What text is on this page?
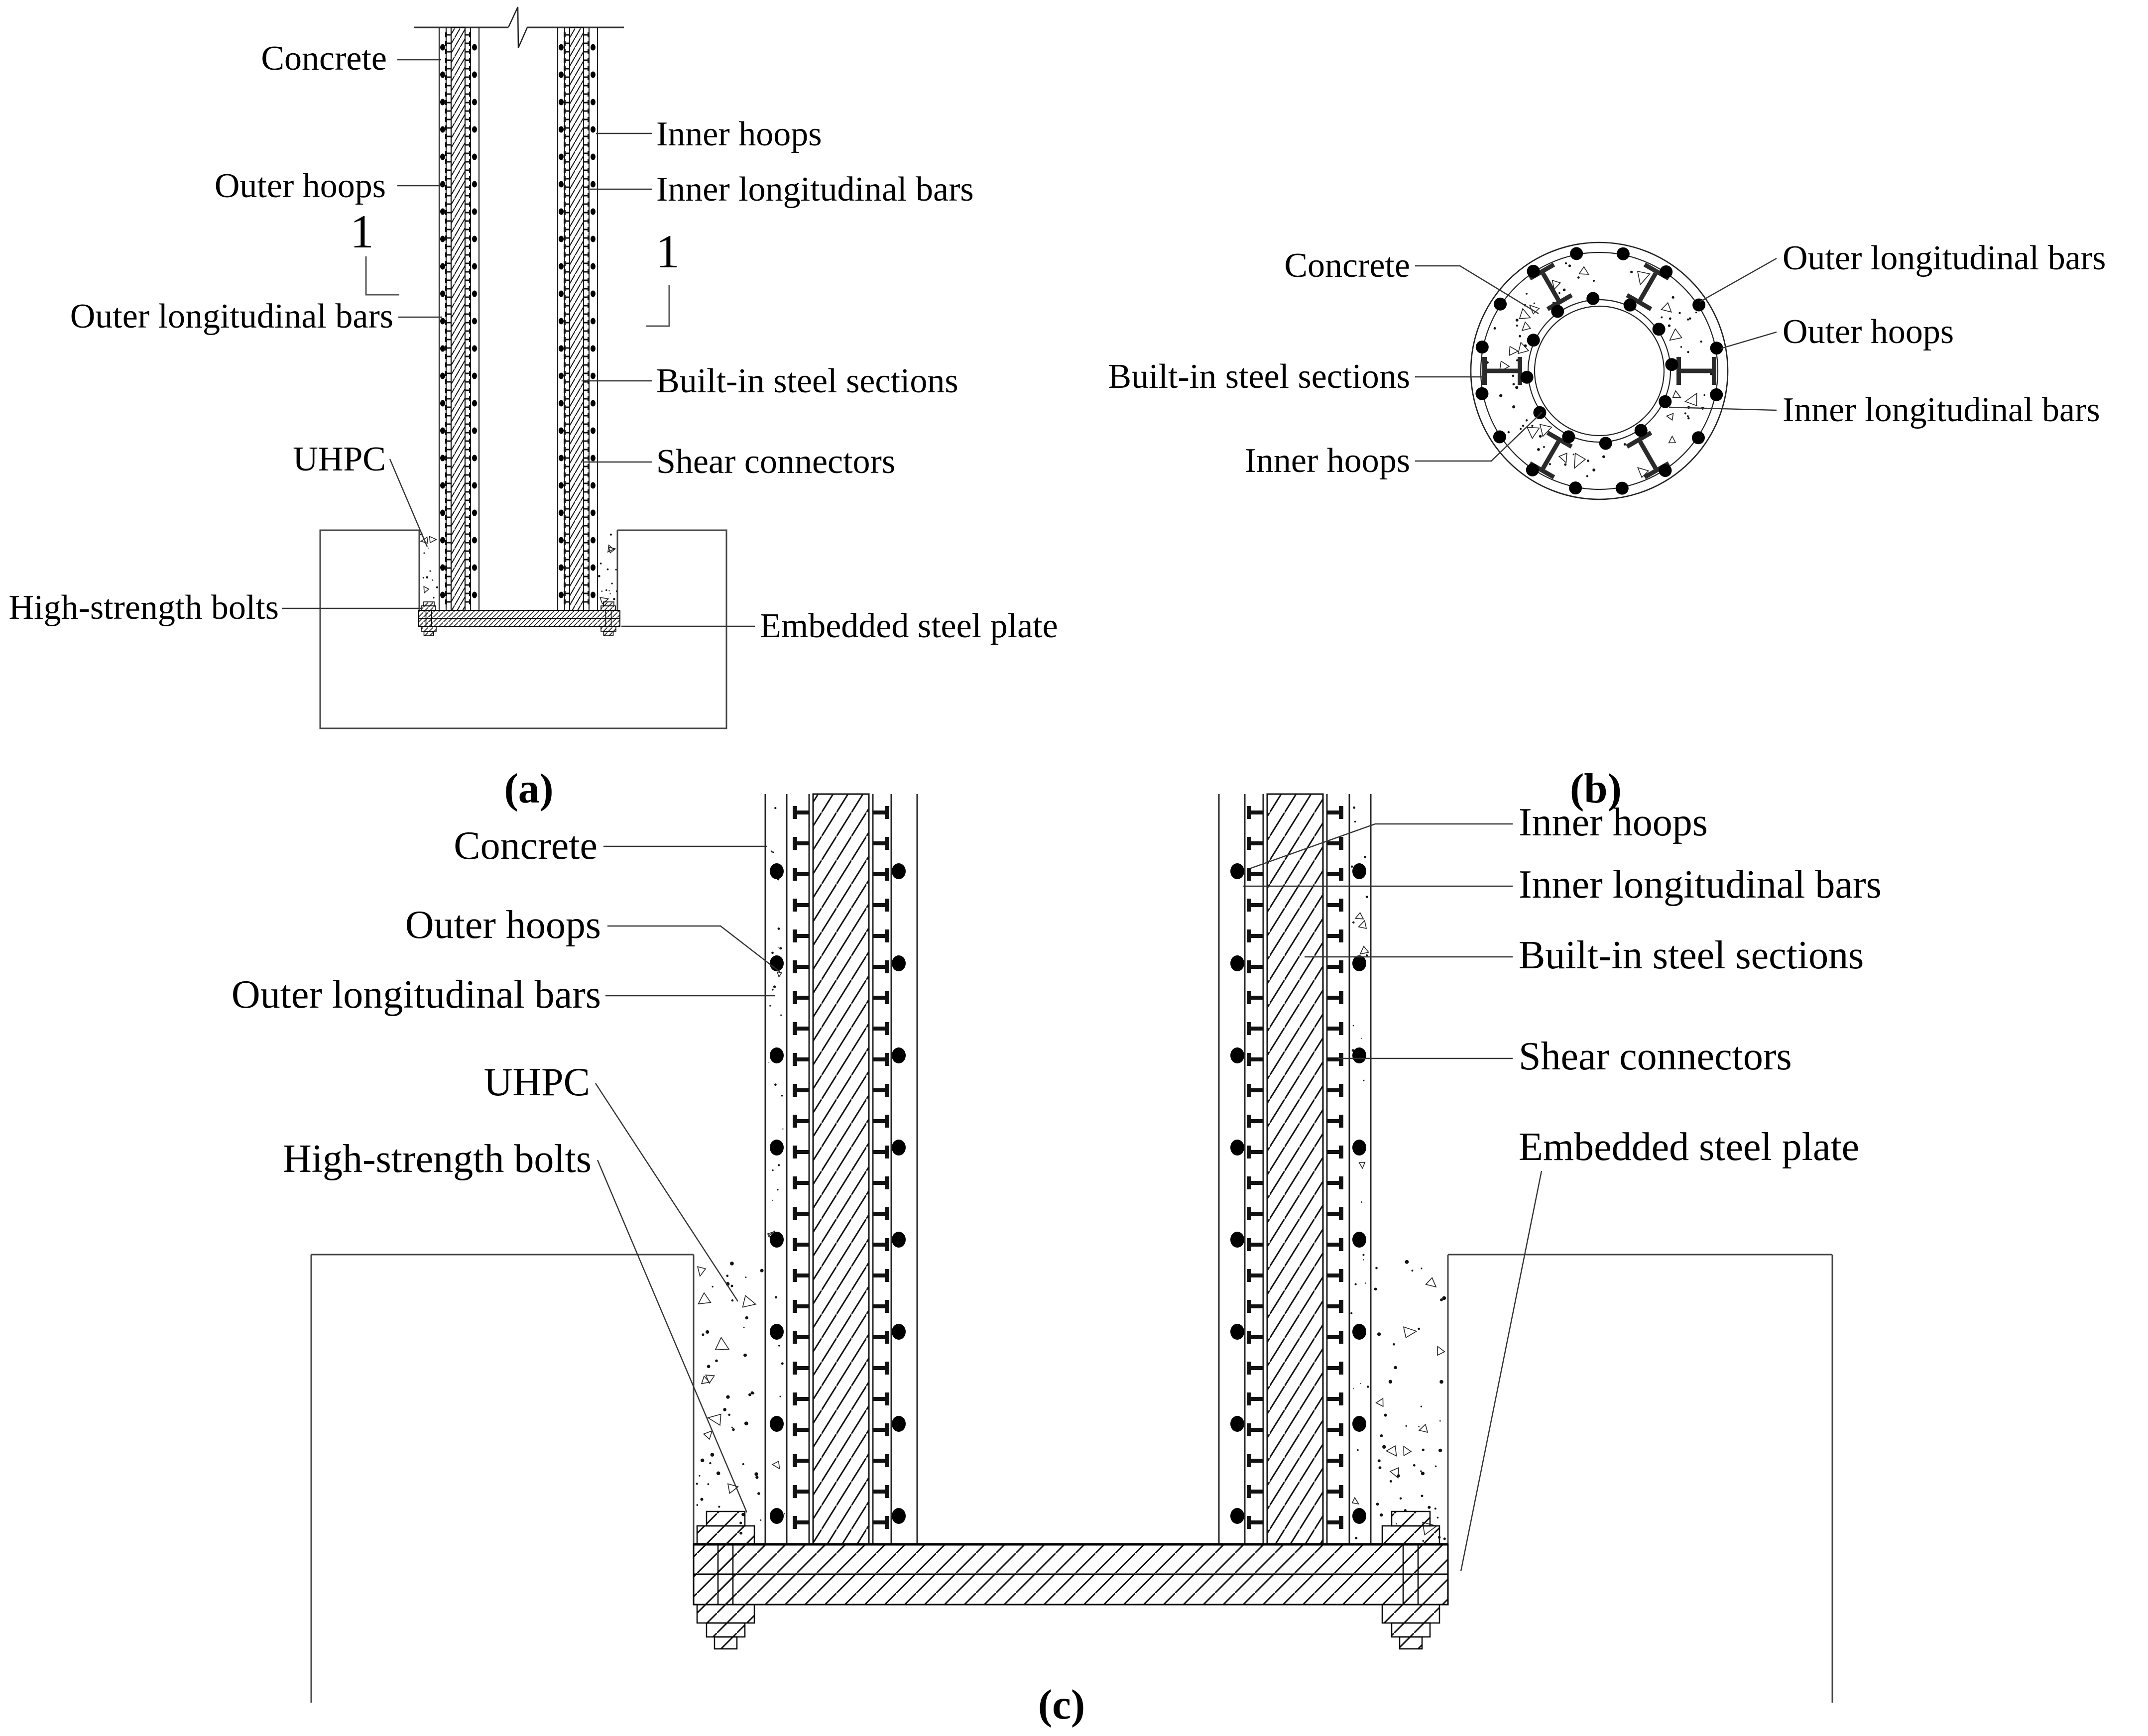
Concrete
Outer hoops
1
Outer longitudinal bars
UHPC
High-strength bolts
Inner hoops
Inner longitudinal bars
1
Built-in steel sections
Shear connectors
Embedded steel plate
(a)
Concrete
Built-in steel sections
Inner hoops
Outer longitudinal bars
Outer hoops
Inner longitudinal bars
(b)
Concrete
Outer hoops
Outer longitudinal bars
UHPC
High-strength bolts
Inner hoops
Inner longitudinal bars
Built-in steel sections
Shear connectors
Embedded steel plate
(c)
